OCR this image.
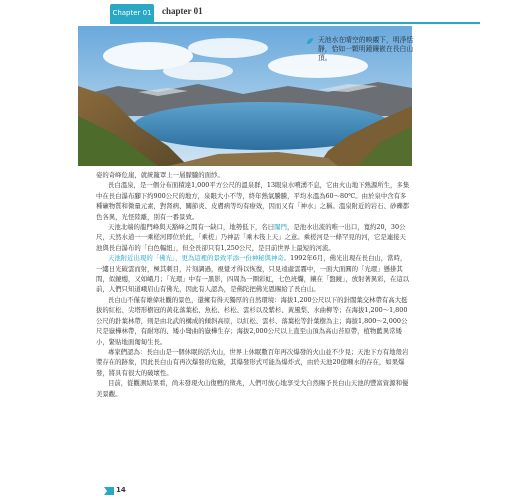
Chapter 01 chapter 01
天池水在晴空的映襯下，明淨恬靜，恰如一顆明鏡鑲嵌在長白山頂。

姿的奇峰危崖，就統籠罩上一層朦朧的面紗。

長白溫泉，是一個分布面積達1,000平方公尺的溫泉群，13眼泉水噴湧不息，它由火山地下熱源所生，多集中在長白瀑布腳下約900公尺的地方，泉眼大小不等，終年熱氣騰騰，平均水溫為60～80℃。由於泉中含有多種礦物質和微量元素，對肾病、關節炎、皮膚病等均有療效，因而又有「神水」之稱。溫泉附近的岩石、砂礫都色各異，光怪陸離，別有一番景致。

天池北端的龍門峰與天豁峰之間有一缺口，地勢低下，名曰闥門，是池水出流的唯一出口，寬約20，30公尺，天然水道一一乘槎河即位於此，「乘槎」乃神話「乘木筏上天」之意。乘槎河是一條罕見的河，它是連接天池與長白瀑布的「白色輻紐」，但全長卻只有1,250公尺，是目前世界上最短的河流。

天池附近出現的「佛光」，更為這裡的景致平添一份神秘與神奇。1992年6月，佛光出現在長白山，當時，一縷日光破雲而射，極其刺目，片刻調過，視覺才得以恢復，只見遠處雲霧中，一面大面圓的「光環」懸掛其間，似鏡燭，又如峨月；「光環」中有一黑影，四周為一圈彩虹，七色班爛，鑲在「盤鏡」，放射著異彩，在這以前，人們只知道峨眉山有佛光，因此有人認為，是佛陀把佛光恩賜給了長白山。

長白山不僅有雄偉壯觀的景色，還擁有得天獨厚的自然環境：海拔1,200公尺以下的針闊葉交林帶有高大挺拔的紅松、尖塔形樹冠的黃花落葉松、魚松、杉松、雲杉以及紫杉、黃風梨、水曲柳等；在海拔1,200～1,800公尺的針葉林帶，則是由北武的構成的傾斜高原，以紅松、雲杉、落葉松等針葉樹為主；海拔1,800～2,000公尺是嶽樺林帶，有耐寒的、矮小彎曲的嶽樺生存；海拔2,000公尺以上直至山頂為高山苔原帶，植物藍異常矮小，緊貼地面匍匐生長。

專家們認為：長白山是一個休眠的活火山，世界上休眠數百年再次爆發的火山並不少見；天池下方有地殼岩漿存在的跡象，因此長白山有再次爆發的危險，其爆發形式可能為爆炸式，由於天池20億噸水的存在，如果爆發，將具有很大的破壞性。

目前，從觀測結果看，尚未發現火山復甦的徵兆，人們可放心地享受大自然賜予長白山天池的豐富資源和優美景觀。

14
